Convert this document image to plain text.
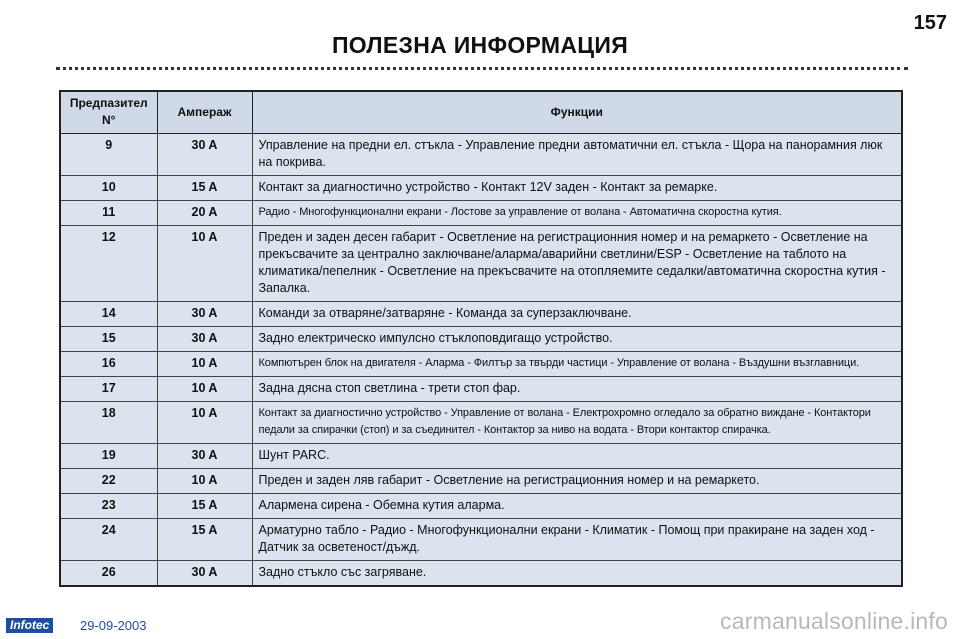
157
ПОЛЕЗНА ИНФОРМАЦИЯ
Предпазител N°	Ампераж	Функции
9	30 A	Управление на предни ел. стъкла - Управление предни автоматични ел. стъкла - Щора на панорамния люк на покрива.
10	15 A	Контакт за диагностично устройство - Контакт 12V заден - Контакт за ремарке.
11	20 A	Радио - Многофункционални екрани - Лостове за управление от волана - Автоматична скоростна кутия.
12	10 A	Преден и заден десен габарит - Осветление на регистрационния номер и на ремаркето - Осветление на прекъсвачите за централно заключване/аларма/аварийни светлини/ESP - Осветление на таблото на климатика/пепелник - Осветление на прекъсвачите на отопляемите седалки/автоматична скоростна кутия - Запалка.
14	30 A	Команди за отваряне/затваряне - Команда за суперзаключване.
15	30 A	Задно електрическо импулсно стъклоповдигащо устройство.
16	10 A	Компютърен блок на двигателя - Аларма - Филтър за твърди частици - Управление от волана - Въздушни възглавници.
17	10 A	Задна дясна стоп светлина - трети стоп фар.
18	10 A	Контакт за диагностично устройство - Управление от волана - Електрохромно огледало за обратно виждане - Контактори педали за спирачки (стоп) и за съединител - Контактор за ниво на водата - Втори контактор спирачка.
19	30 A	Шунт PARC.
22	10 A	Преден и заден ляв габарит - Осветление на регистрационния номер и на ремаркето.
23	15 A	Алармена сирена - Обемна кутия аларма.
24	15 A	Арматурно табло - Радио - Многофункционални екрани - Климатик - Помощ при пракиране на заден ход - Датчик за осветеност/дъжд.
26	30 A	Задно стъкло със загряване.
Infotec	29-09-2003	carmanualsonline.info
